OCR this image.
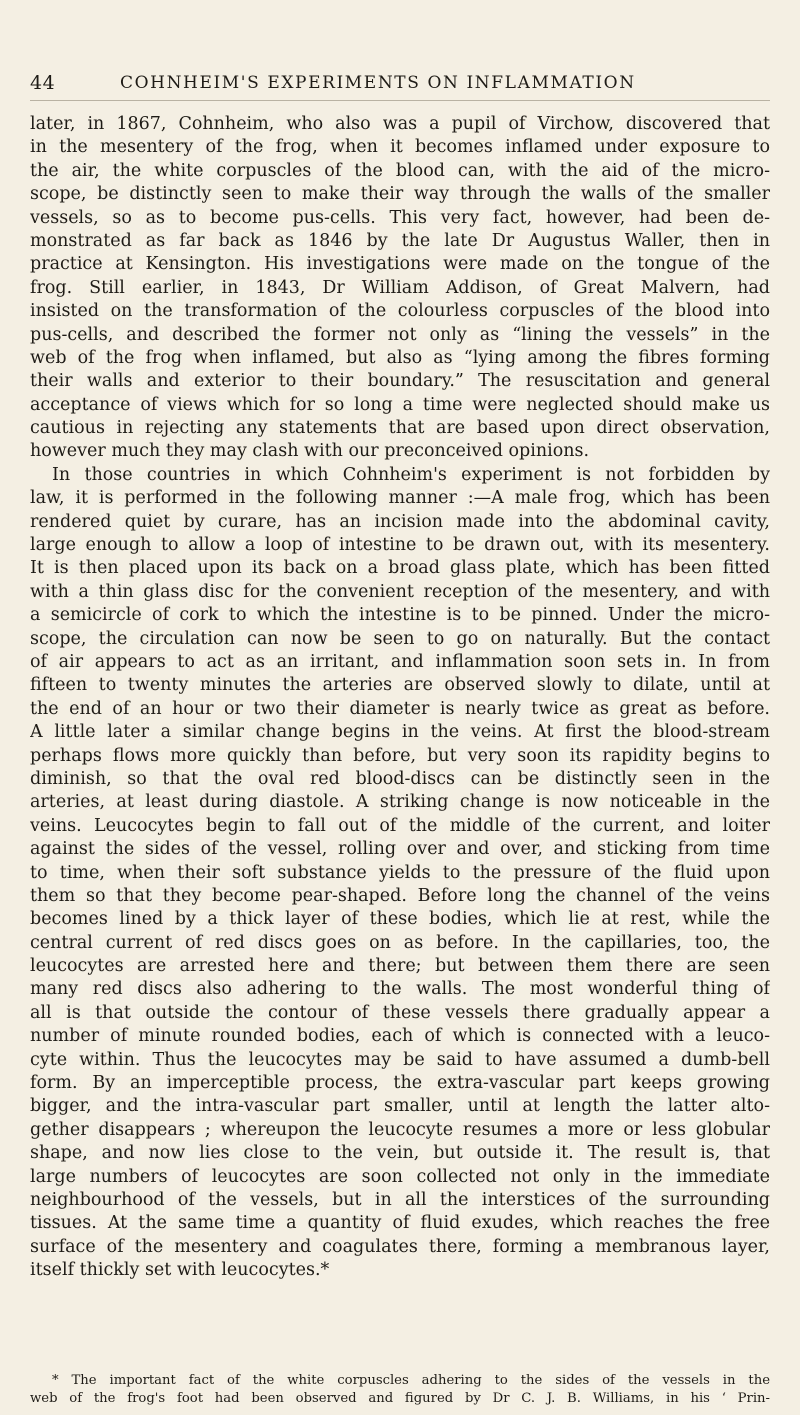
44	COHNHEIM'S EXPERIMENTS ON INFLAMMATION
later, in 1867, Cohnheim, who also was a pupil of Virchow, discovered that
in the mesentery of the frog, when it becomes inflamed under exposure to
the air, the white corpuscles of the blood can, with the aid of the micro-
scope, be distinctly seen to make their way through the walls of the smaller
vessels, so as to become pus-cells. This very fact, however, had been de-
monstrated as far back as 1846 by the late Dr Augustus Waller, then in
practice at Kensington. His investigations were made on the tongue of the
frog. Still earlier, in 1843, Dr William Addison, of Great Malvern, had
insisted on the transformation of the colourless corpuscles of the blood into
pus-cells, and described the former not only as “lining the vessels” in the
web of the frog when inflamed, but also as “lying among the fibres forming
their walls and exterior to their boundary.” The resuscitation and general
acceptance of views which for so long a time were neglected should make us
cautious in rejecting any statements that are based upon direct observation,
however much they may clash with our preconceived opinions.
In those countries in which Cohnheim's experiment is not forbidden by
law, it is performed in the following manner :—A male frog, which has been
rendered quiet by curare, has an incision made into the abdominal cavity,
large enough to allow a loop of intestine to be drawn out, with its mesentery.
It is then placed upon its back on a broad glass plate, which has been fitted
with a thin glass disc for the convenient reception of the mesentery, and with
a semicircle of cork to which the intestine is to be pinned. Under the micro-
scope, the circulation can now be seen to go on naturally. But the contact
of air appears to act as an irritant, and inflammation soon sets in. In from
fifteen to twenty minutes the arteries are observed slowly to dilate, until at
the end of an hour or two their diameter is nearly twice as great as before.
A little later a similar change begins in the veins. At first the blood-stream
perhaps flows more quickly than before, but very soon its rapidity begins to
diminish, so that the oval red blood-discs can be distinctly seen in the
arteries, at least during diastole. A striking change is now noticeable in the
veins. Leucocytes begin to fall out of the middle of the current, and loiter
against the sides of the vessel, rolling over and over, and sticking from time
to time, when their soft substance yields to the pressure of the fluid upon
them so that they become pear-shaped. Before long the channel of the veins
becomes lined by a thick layer of these bodies, which lie at rest, while the
central current of red discs goes on as before. In the capillaries, too, the
leucocytes are arrested here and there; but between them there are seen
many red discs also adhering to the walls. The most wonderful thing of
all is that outside the contour of these vessels there gradually appear a
number of minute rounded bodies, each of which is connected with a leuco-
cyte within. Thus the leucocytes may be said to have assumed a dumb-bell
form. By an imperceptible process, the extra-vascular part keeps growing
bigger, and the intra-vascular part smaller, until at length the latter alto-
gether disappears ; whereupon the leucocyte resumes a more or less globular
shape, and now lies close to the vein, but outside it. The result is, that
large numbers of leucocytes are soon collected not only in the immediate
neighbourhood of the vessels, but in all the interstices of the surrounding
tissues. At the same time a quantity of fluid exudes, which reaches the free
surface of the mesentery and coagulates there, forming a membranous layer,
itself thickly set with leucocytes.*
* The important fact of the white corpuscles adhering to the sides of the vessels in the
web of the frog's foot had been observed and figured by Dr C. J. B. Williams, in his ‘ Prin-
